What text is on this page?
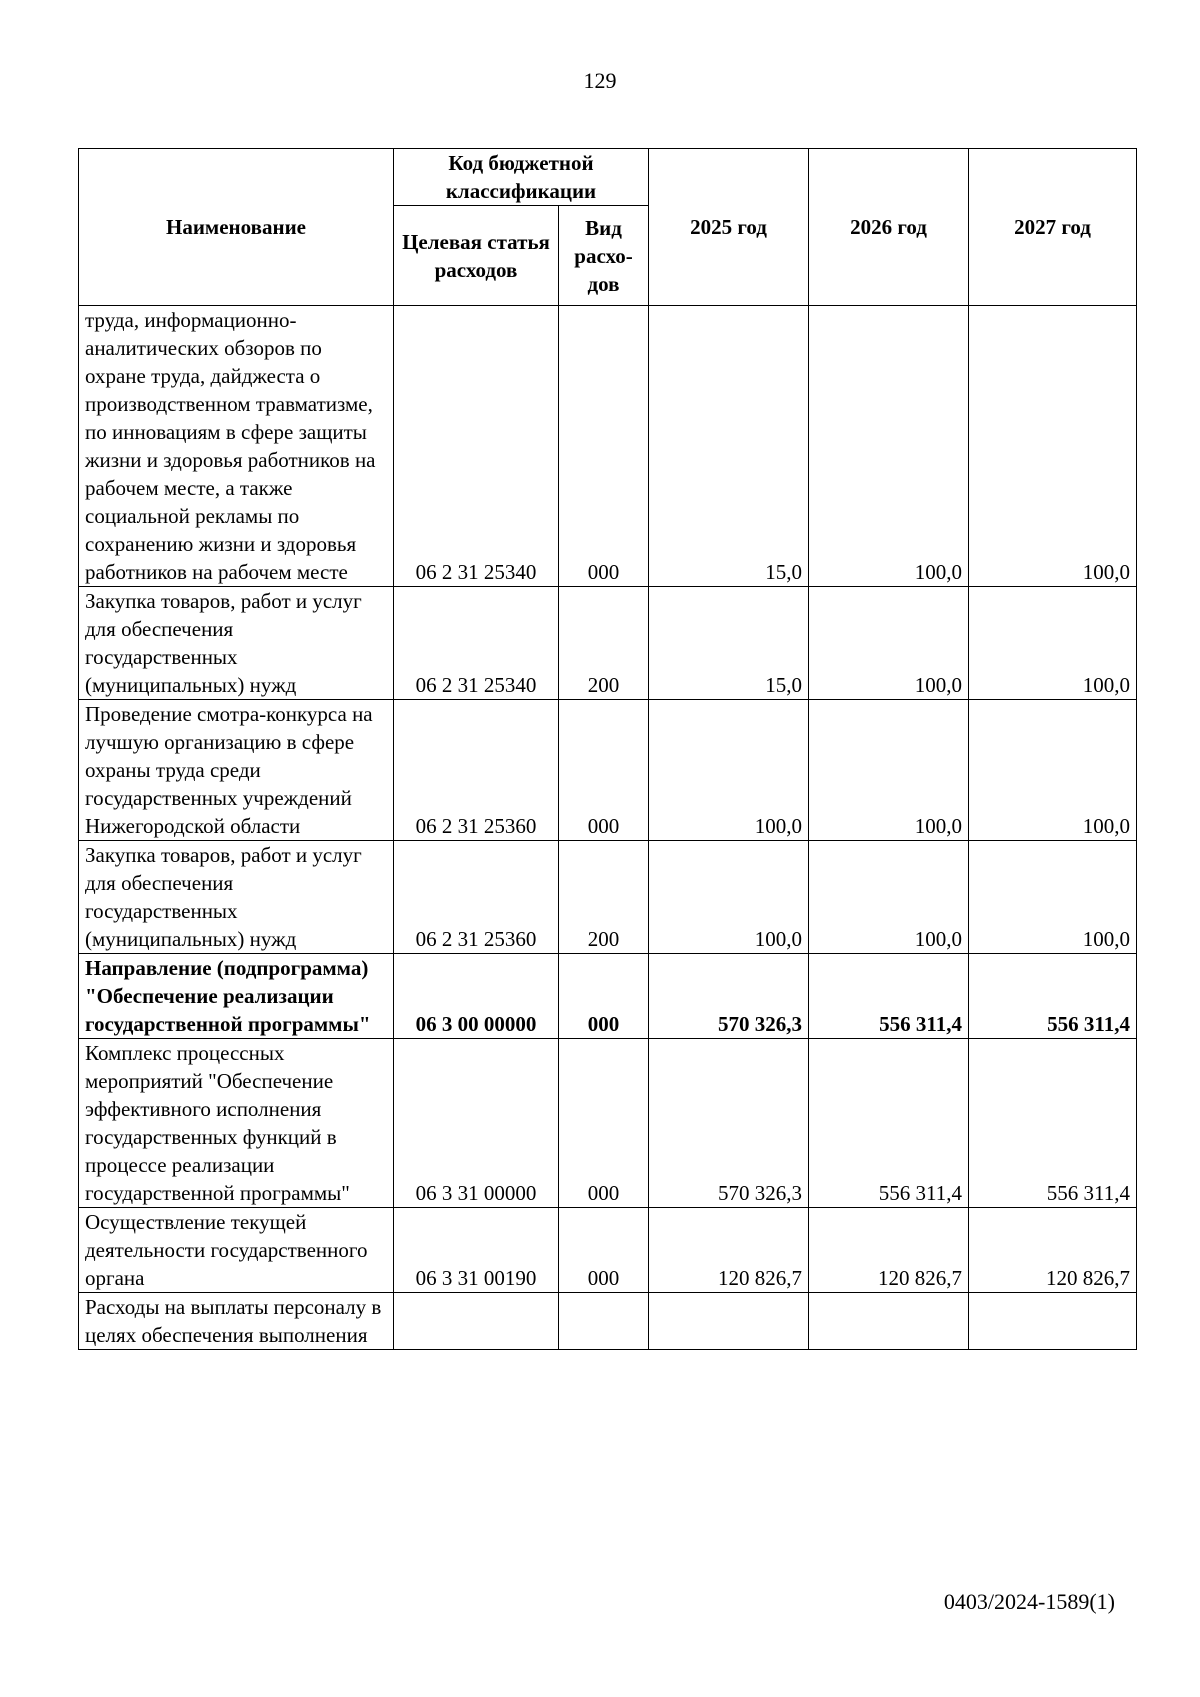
129
Наименование	Код бюджетной классификации		2025 год	2026 год	2027 год
	Целевая статья расходов	Вид расхо-дов			
труда, информационно-аналитических обзоров по охране труда, дайджеста о производственном травматизме, по инновациям в сфере защиты жизни и здоровья работников на рабочем месте, а также социальной рекламы по сохранению жизни и здоровья работников на рабочем месте	06 2 31 25340	000	15,0	100,0	100,0
Закупка товаров, работ и услуг для обеспечения государственных (муниципальных) нужд	06 2 31 25340	200	15,0	100,0	100,0
Проведение смотра-конкурса на лучшую организацию в сфере охраны труда среди государственных учреждений Нижегородской области	06 2 31 25360	000	100,0	100,0	100,0
Закупка товаров, работ и услуг для обеспечения государственных (муниципальных) нужд	06 2 31 25360	200	100,0	100,0	100,0
Направление (подпрограмма) "Обеспечение реализации государственной программы"	06 3 00 00000	000	570 326,3	556 311,4	556 311,4
Комплекс процессных мероприятий "Обеспечение эффективного исполнения государственных функций в процессе реализации государственной программы"	06 3 31 00000	000	570 326,3	556 311,4	556 311,4
Осуществление текущей деятельности государственного органа	06 3 31 00190	000	120 826,7	120 826,7	120 826,7
Расходы на выплаты персоналу в целях обеспечения выполнения					
0403/2024-1589(1)
